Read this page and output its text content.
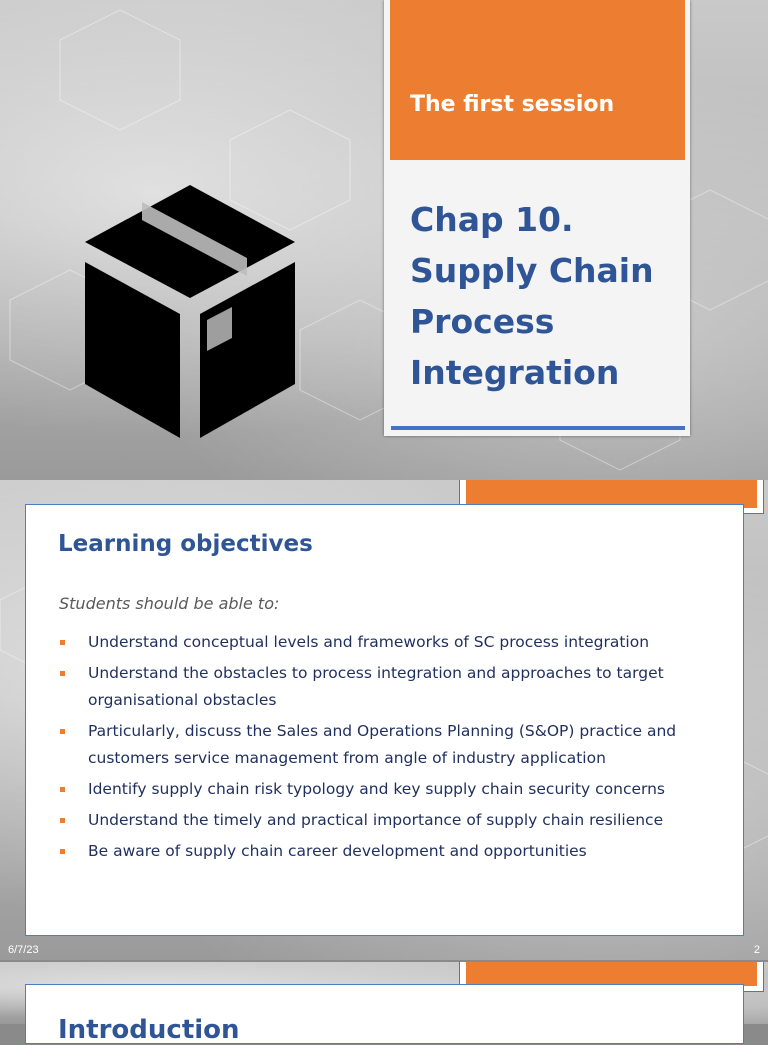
The first session
Chap 10. Supply Chain Process Integration
Learning objectives

Students should be able to:

Understand conceptual levels and frameworks of SC process integration
Understand the obstacles to process integration and approaches to target organisational obstacles
Particularly, discuss the Sales and Operations Planning (S&OP) practice and customers service management from angle of industry application
Identify supply chain risk typology and key supply chain security concerns
Understand the timely and practical importance of supply chain resilience
Be aware of supply chain career development and opportunities
6/7/23	2
Introduction
